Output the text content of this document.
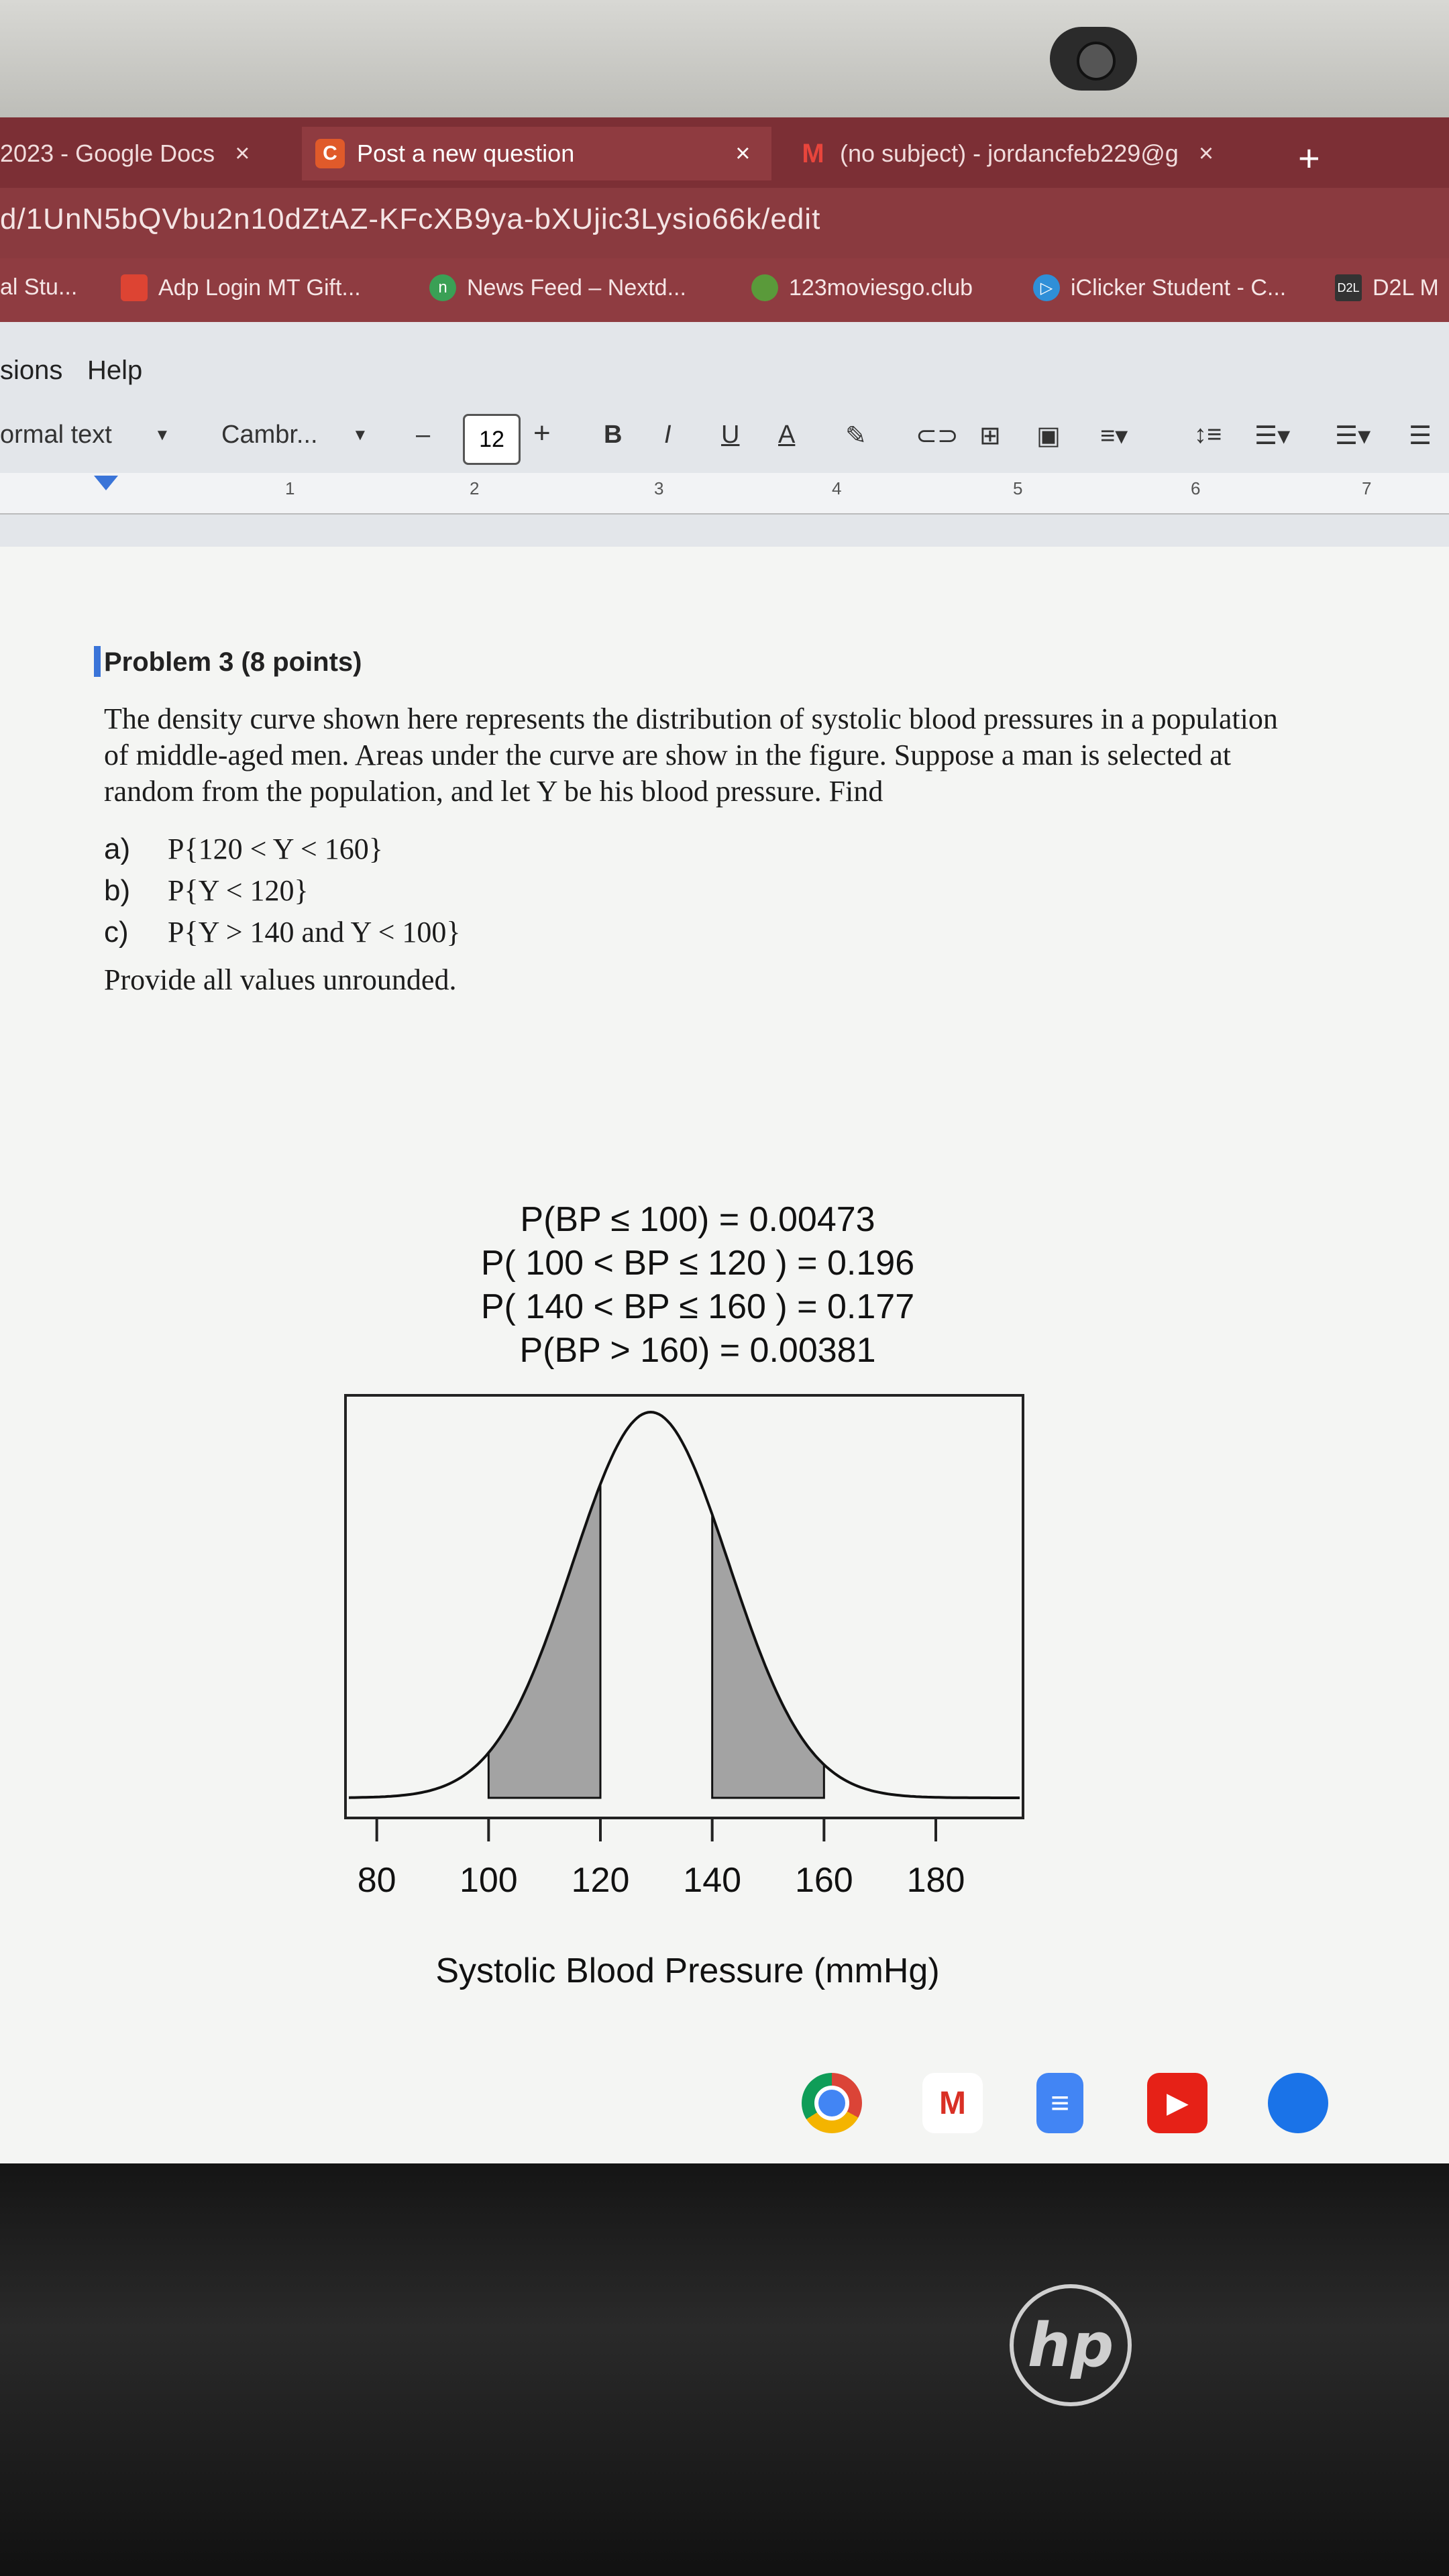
2023 - Google Docs ×	C Post a new question	× M (no subject) - jordancfeb229@g × +
d/1UnN5bQVbu2n10dZtAZ-KFcXB9ya-bXUjic3Lysio66k/edit
al Stu...	Adp Login MT Gift...	n News Feed – Nextd...	123moviesgo.club	▷ iClicker Student - C...	D2L D2L M
sions Help
ormal text	▼ Cambr... ▼ –	12 + B I U A ✎ ⊂⊃ ⊞ ▣ ≡▾	↕≡ ☰▾ ☰▾ ☰
1	2	3	4	5	6	7
Problem 3 (8 points)
The density curve shown here represents the distribution of systolic blood pressures in a population of middle-aged men. Areas under the curve are show in the figure. Suppose a man is selected at random from the population, and let Y be his blood pressure. Find
a) P{120 < Y < 160}
b) P{Y < 120}
c) P{Y > 140 and Y < 100}
Provide all values unrounded.
P(BP ≤ 100) = 0.00473
P( 100 < BP ≤ 120 ) = 0.196
P( 140 < BP ≤ 160 ) = 0.177
P(BP > 160) = 0.00381
80 100 120 140 160 180
Systolic Blood Pressure (mmHg)
M	≡	▶
hp
